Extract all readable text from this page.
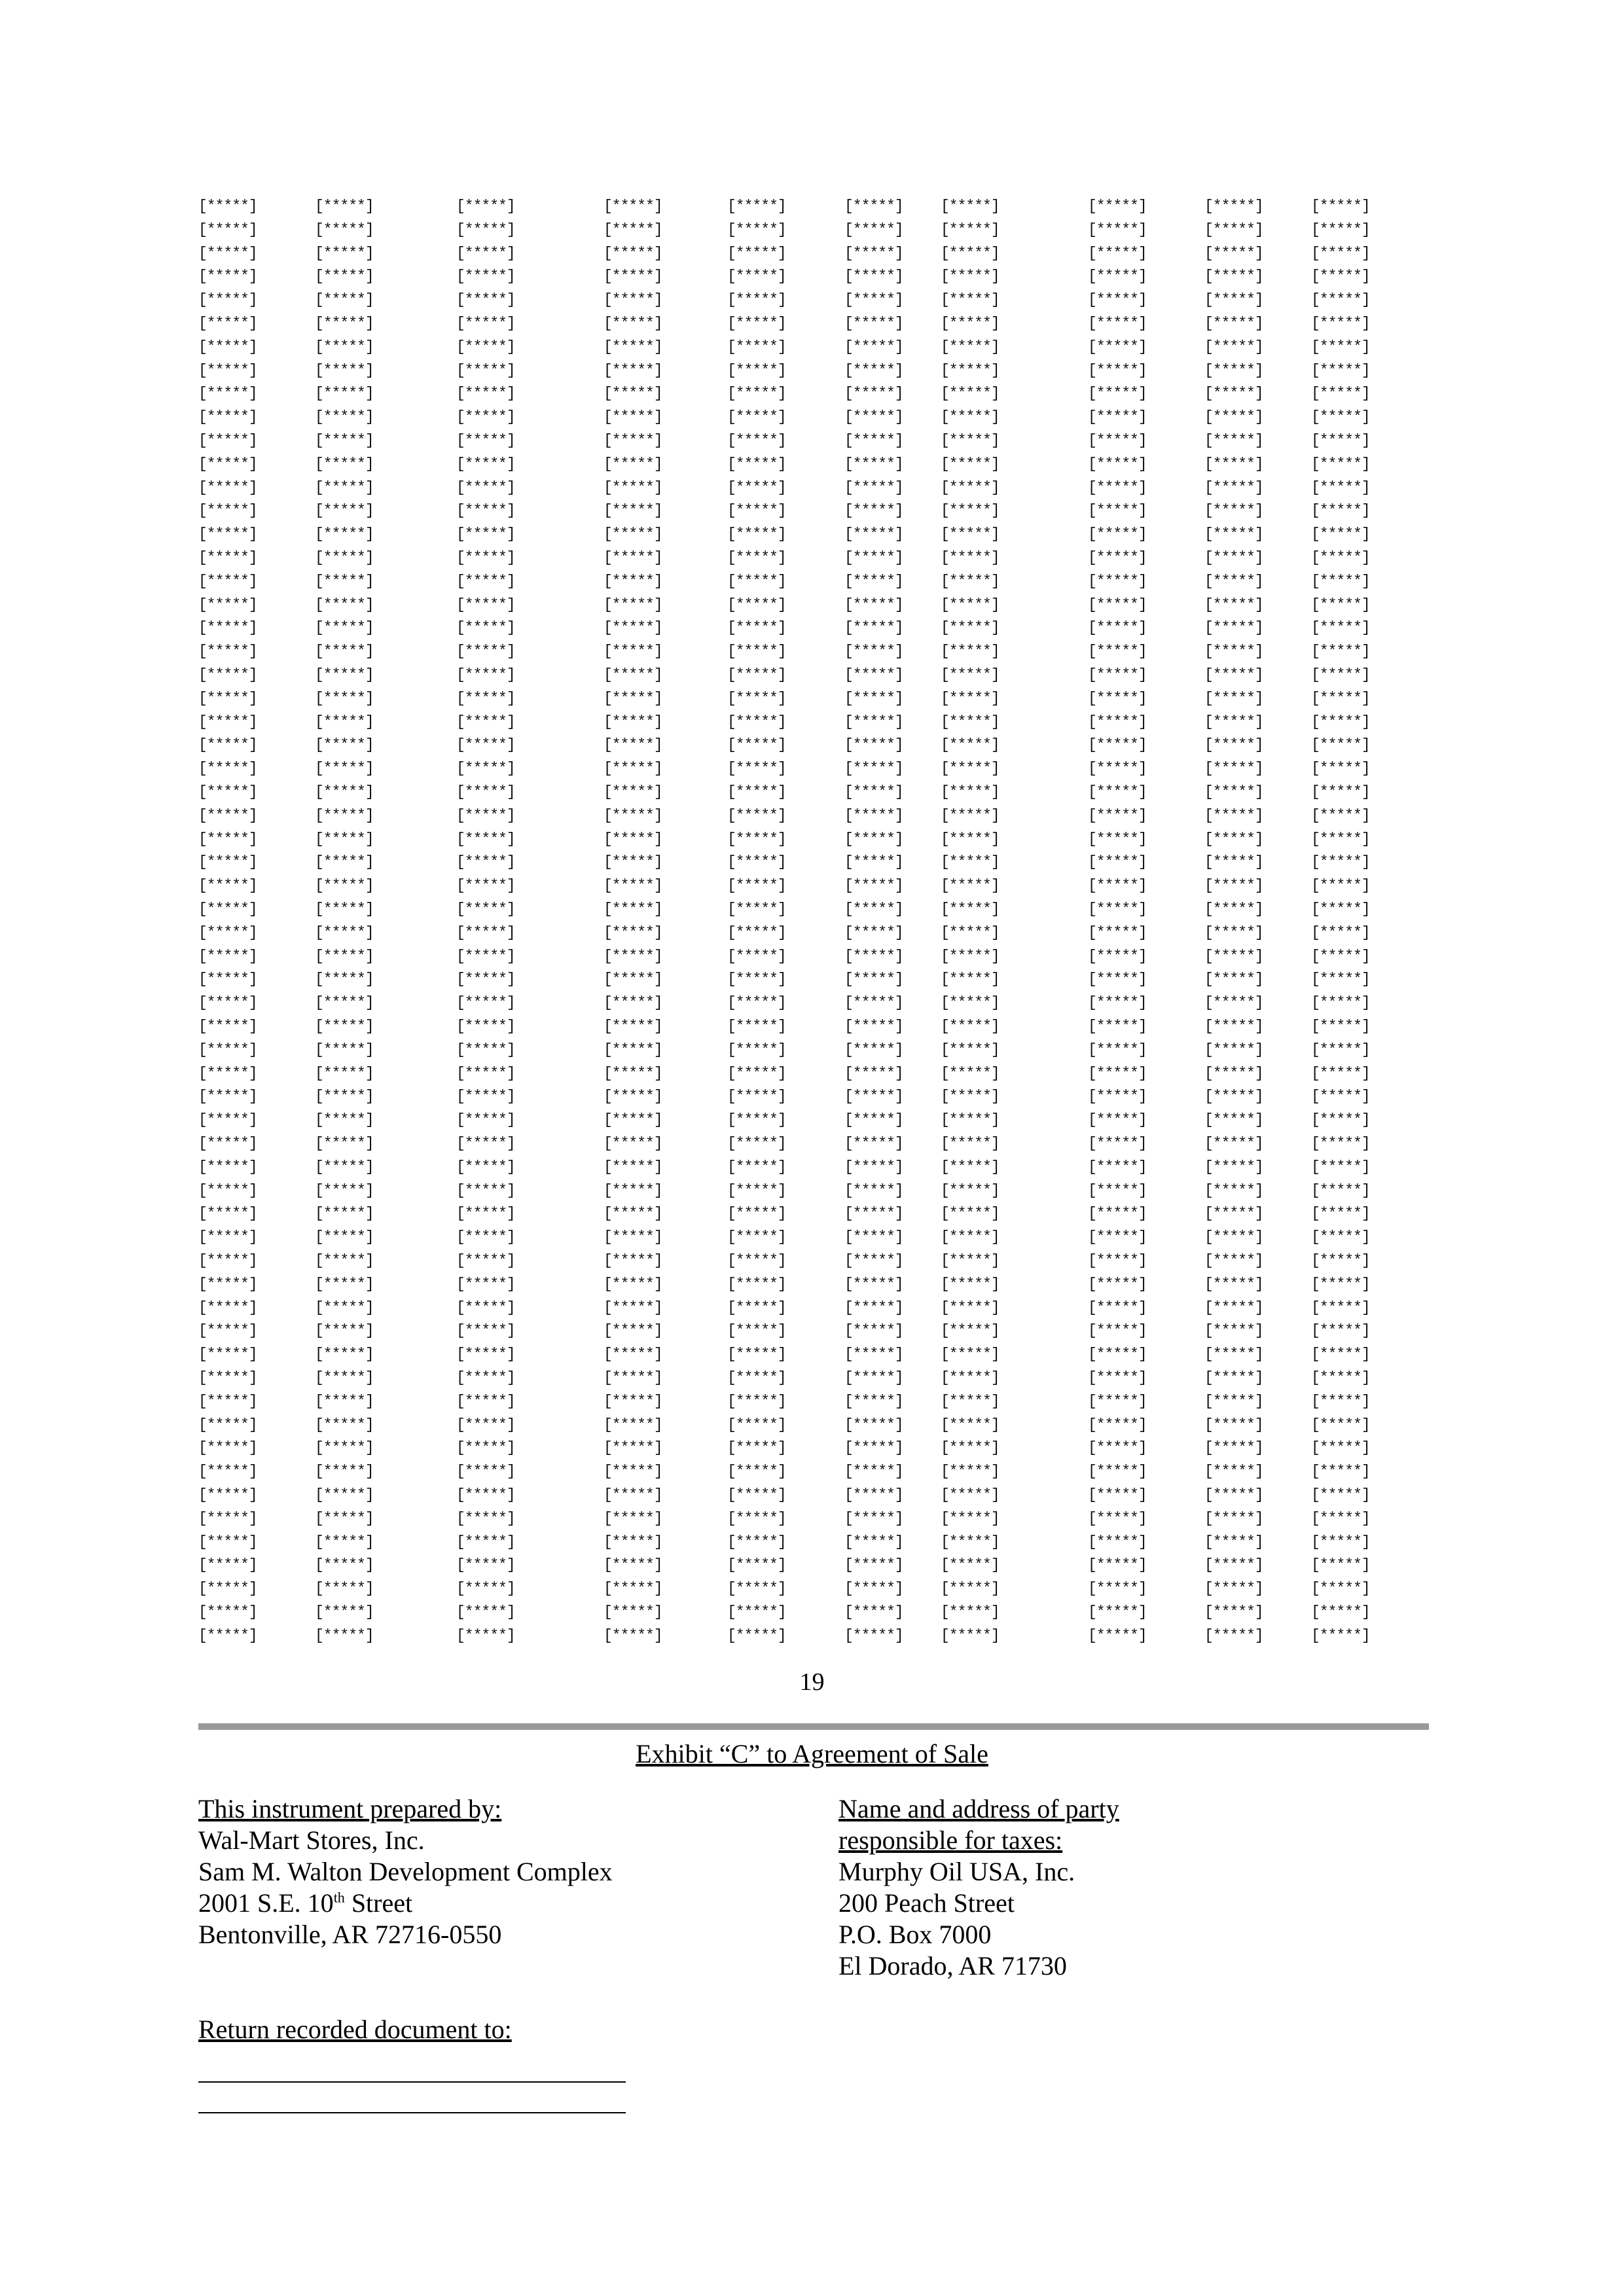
[*****]	[*****]	[*****]	[*****]	[*****]	[*****] [*****]	[*****]	[*****]	[*****]
[*****]	[*****]	[*****]	[*****]	[*****]	[*****] [*****]	[*****]	[*****]	[*****]
[*****]	[*****]	[*****]	[*****]	[*****]	[*****] [*****]	[*****]	[*****]	[*****]
[*****]	[*****]	[*****]	[*****]	[*****]	[*****] [*****]	[*****]	[*****]	[*****]
[*****]	[*****]	[*****]	[*****]	[*****]	[*****] [*****]	[*****]	[*****]	[*****]
[*****]	[*****]	[*****]	[*****]	[*****]	[*****] [*****]	[*****]	[*****]	[*****]
[*****]	[*****]	[*****]	[*****]	[*****]	[*****] [*****]	[*****]	[*****]	[*****]
[*****]	[*****]	[*****]	[*****]	[*****]	[*****] [*****]	[*****]	[*****]	[*****]
[*****]	[*****]	[*****]	[*****]	[*****]	[*****] [*****]	[*****]	[*****]	[*****]
[*****]	[*****]	[*****]	[*****]	[*****]	[*****] [*****]	[*****]	[*****]	[*****]
[*****]	[*****]	[*****]	[*****]	[*****]	[*****] [*****]	[*****]	[*****]	[*****]
[*****]	[*****]	[*****]	[*****]	[*****]	[*****] [*****]	[*****]	[*****]	[*****]
[*****]	[*****]	[*****]	[*****]	[*****]	[*****] [*****]	[*****]	[*****]	[*****]
[*****]	[*****]	[*****]	[*****]	[*****]	[*****] [*****]	[*****]	[*****]	[*****]
[*****]	[*****]	[*****]	[*****]	[*****]	[*****] [*****]	[*****]	[*****]	[*****]
[*****]	[*****]	[*****]	[*****]	[*****]	[*****] [*****]	[*****]	[*****]	[*****]
[*****]	[*****]	[*****]	[*****]	[*****]	[*****] [*****]	[*****]	[*****]	[*****]
[*****]	[*****]	[*****]	[*****]	[*****]	[*****] [*****]	[*****]	[*****]	[*****]
[*****]	[*****]	[*****]	[*****]	[*****]	[*****] [*****]	[*****]	[*****]	[*****]
[*****]	[*****]	[*****]	[*****]	[*****]	[*****] [*****]	[*****]	[*****]	[*****]
[*****]	[*****]	[*****]	[*****]	[*****]	[*****] [*****]	[*****]	[*****]	[*****]
[*****]	[*****]	[*****]	[*****]	[*****]	[*****] [*****]	[*****]	[*****]	[*****]
[*****]	[*****]	[*****]	[*****]	[*****]	[*****] [*****]	[*****]	[*****]	[*****]
[*****]	[*****]	[*****]	[*****]	[*****]	[*****] [*****]	[*****]	[*****]	[*****]
[*****]	[*****]	[*****]	[*****]	[*****]	[*****] [*****]	[*****]	[*****]	[*****]
[*****]	[*****]	[*****]	[*****]	[*****]	[*****] [*****]	[*****]	[*****]	[*****]
[*****]	[*****]	[*****]	[*****]	[*****]	[*****] [*****]	[*****]	[*****]	[*****]
[*****]	[*****]	[*****]	[*****]	[*****]	[*****] [*****]	[*****]	[*****]	[*****]
[*****]	[*****]	[*****]	[*****]	[*****]	[*****] [*****]	[*****]	[*****]	[*****]
[*****]	[*****]	[*****]	[*****]	[*****]	[*****] [*****]	[*****]	[*****]	[*****]
[*****]	[*****]	[*****]	[*****]	[*****]	[*****] [*****]	[*****]	[*****]	[*****]
[*****]	[*****]	[*****]	[*****]	[*****]	[*****] [*****]	[*****]	[*****]	[*****]
[*****]	[*****]	[*****]	[*****]	[*****]	[*****] [*****]	[*****]	[*****]	[*****]
[*****]	[*****]	[*****]	[*****]	[*****]	[*****] [*****]	[*****]	[*****]	[*****]
[*****]	[*****]	[*****]	[*****]	[*****]	[*****] [*****]	[*****]	[*****]	[*****]
[*****]	[*****]	[*****]	[*****]	[*****]	[*****] [*****]	[*****]	[*****]	[*****]
[*****]	[*****]	[*****]	[*****]	[*****]	[*****] [*****]	[*****]	[*****]	[*****]
[*****]	[*****]	[*****]	[*****]	[*****]	[*****] [*****]	[*****]	[*****]	[*****]
[*****]	[*****]	[*****]	[*****]	[*****]	[*****] [*****]	[*****]	[*****]	[*****]
[*****]	[*****]	[*****]	[*****]	[*****]	[*****] [*****]	[*****]	[*****]	[*****]
[*****]	[*****]	[*****]	[*****]	[*****]	[*****] [*****]	[*****]	[*****]	[*****]
[*****]	[*****]	[*****]	[*****]	[*****]	[*****] [*****]	[*****]	[*****]	[*****]
[*****]	[*****]	[*****]	[*****]	[*****]	[*****] [*****]	[*****]	[*****]	[*****]
[*****]	[*****]	[*****]	[*****]	[*****]	[*****] [*****]	[*****]	[*****]	[*****]
[*****]	[*****]	[*****]	[*****]	[*****]	[*****] [*****]	[*****]	[*****]	[*****]
[*****]	[*****]	[*****]	[*****]	[*****]	[*****] [*****]	[*****]	[*****]	[*****]
[*****]	[*****]	[*****]	[*****]	[*****]	[*****] [*****]	[*****]	[*****]	[*****]
[*****]	[*****]	[*****]	[*****]	[*****]	[*****] [*****]	[*****]	[*****]	[*****]
[*****]	[*****]	[*****]	[*****]	[*****]	[*****] [*****]	[*****]	[*****]	[*****]
[*****]	[*****]	[*****]	[*****]	[*****]	[*****] [*****]	[*****]	[*****]	[*****]
[*****]	[*****]	[*****]	[*****]	[*****]	[*****] [*****]	[*****]	[*****]	[*****]
[*****]	[*****]	[*****]	[*****]	[*****]	[*****] [*****]	[*****]	[*****]	[*****]
[*****]	[*****]	[*****]	[*****]	[*****]	[*****] [*****]	[*****]	[*****]	[*****]
[*****]	[*****]	[*****]	[*****]	[*****]	[*****] [*****]	[*****]	[*****]	[*****]
[*****]	[*****]	[*****]	[*****]	[*****]	[*****] [*****]	[*****]	[*****]	[*****]
[*****]	[*****]	[*****]	[*****]	[*****]	[*****] [*****]	[*****]	[*****]	[*****]
[*****]	[*****]	[*****]	[*****]	[*****]	[*****] [*****]	[*****]	[*****]	[*****]
[*****]	[*****]	[*****]	[*****]	[*****]	[*****] [*****]	[*****]	[*****]	[*****]
[*****]	[*****]	[*****]	[*****]	[*****]	[*****] [*****]	[*****]	[*****]	[*****]
[*****]	[*****]	[*****]	[*****]	[*****]	[*****] [*****]	[*****]	[*****]	[*****]
[*****]	[*****]	[*****]	[*****]	[*****]	[*****] [*****]	[*****]	[*****]	[*****]
[*****]	[*****]	[*****]	[*****]	[*****]	[*****] [*****]	[*****]	[*****]	[*****]
19
Exhibit “C” to Agreement of Sale
This instrument prepared by:
Wal-Mart Stores, Inc.
Sam M. Walton Development Complex
2001 S.E. 10th Street
Bentonville, AR 72716-0550
Name and address of party
responsible for taxes:
Murphy Oil USA, Inc.
200 Peach Street
P.O. Box 7000
El Dorado, AR 71730
Return recorded document to:
